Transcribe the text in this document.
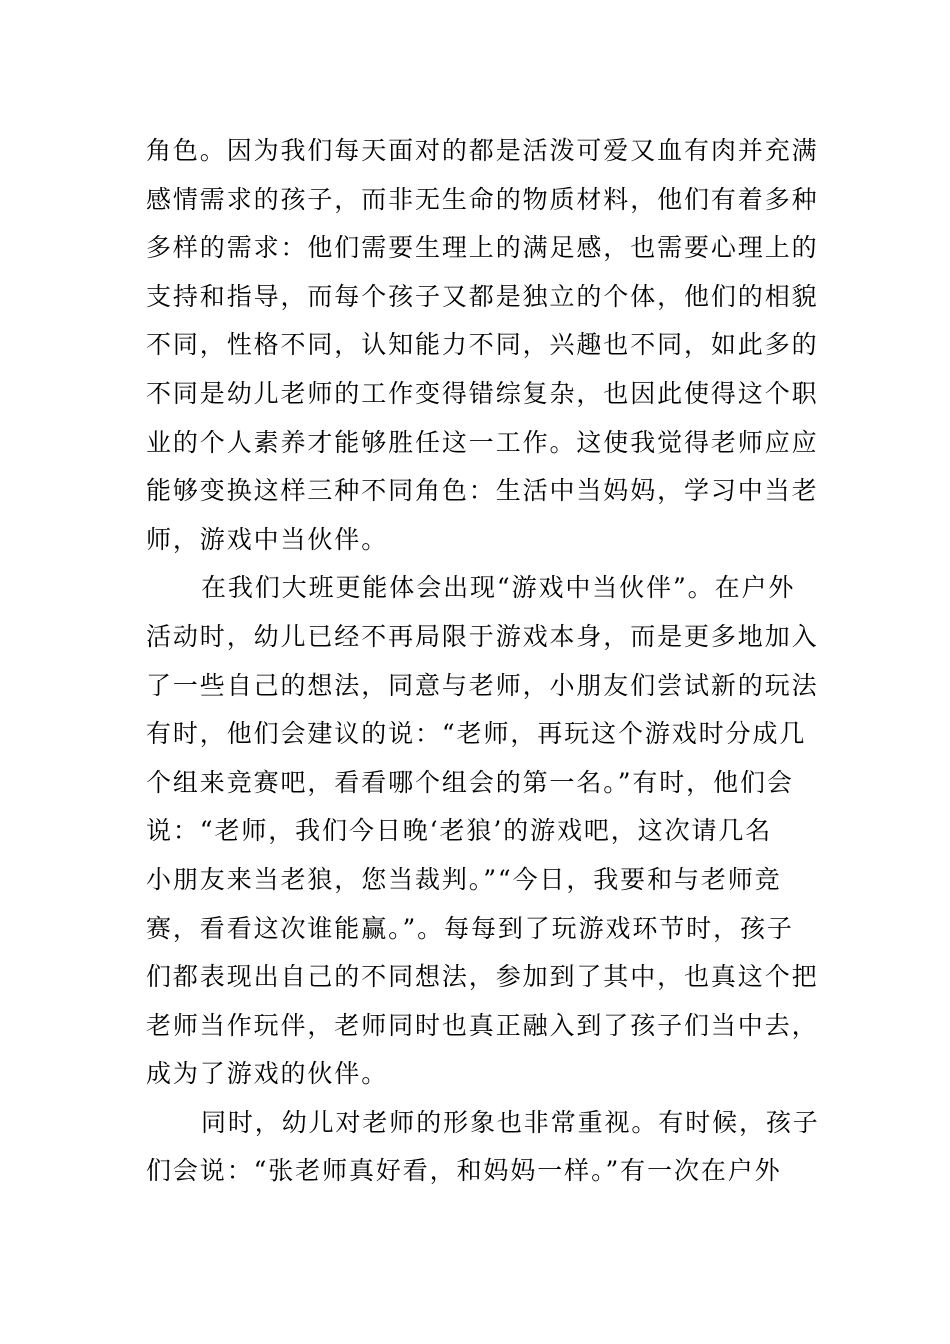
角色。因为我们每天面对的都是活泼可爱又血有肉并充满
感情需求的孩子，而非无生命的物质材料，他们有着多种
多样的需求：他们需要生理上的满足感，也需要心理上的
支持和指导，而每个孩子又都是独立的个体，他们的相貌
不同，性格不同，认知能力不同，兴趣也不同，如此多的
不同是幼儿老师的工作变得错综复杂，也因此使得这个职
业的个人素养才能够胜任这一工作。这使我觉得老师应应
能够变换这样三种不同角色：生活中当妈妈，学习中当老
师，游戏中当伙伴。
在我们大班更能体会出现“游戏中当伙伴”。在户外
活动时，幼儿已经不再局限于游戏本身，而是更多地加入
了一些自己的想法，同意与老师，小朋友们尝试新的玩法
有时，他们会建议的说：“老师，再玩这个游戏时分成几
个组来竞赛吧，看看哪个组会的第一名。”有时，他们会
说：“老师，我们今日晚‘老狼’的游戏吧，这次请几名
小朋友来当老狼，您当裁判。”“今日，我要和与老师竞
赛，看看这次谁能赢。”。每每到了玩游戏环节时，孩子
们都表现出自己的不同想法，参加到了其中，也真这个把
老师当作玩伴，老师同时也真正融入到了孩子们当中去，
成为了游戏的伙伴。
同时，幼儿对老师的形象也非常重视。有时候，孩子
们会说：“张老师真好看，和妈妈一样。”有一次在户外
